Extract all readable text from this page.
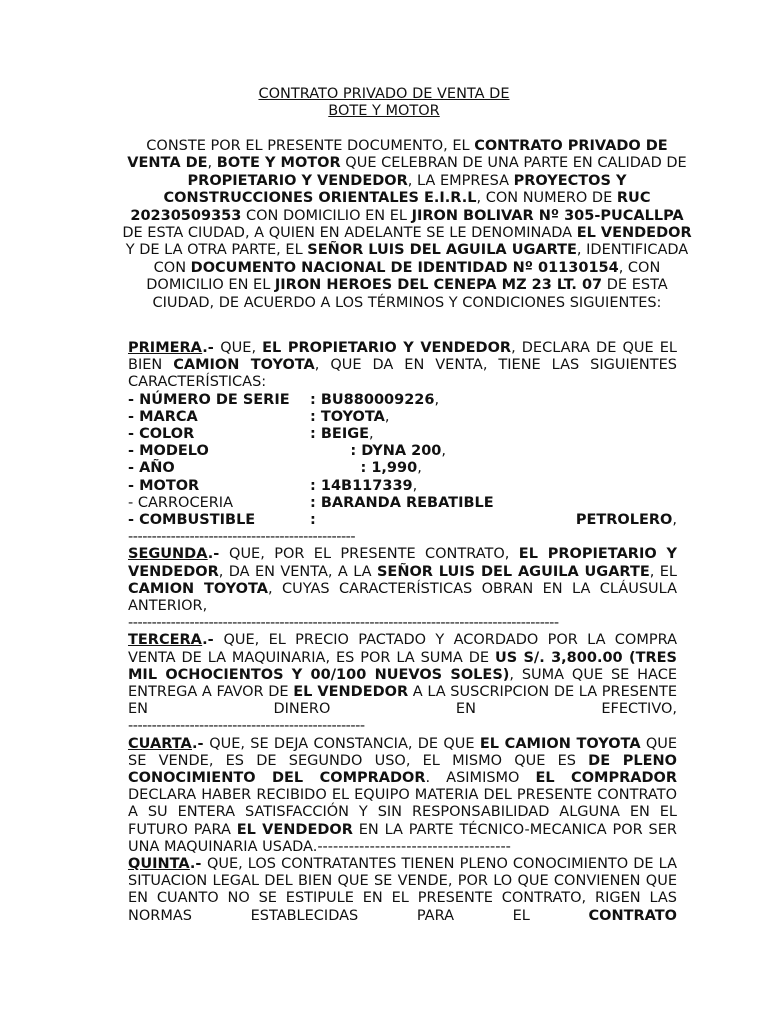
CONTRATO PRIVADO DE VENTA DE
BOTE Y MOTOR
CONSTE POR EL PRESENTE DOCUMENTO, EL CONTRATO PRIVADO DE VENTA DE, BOTE Y MOTOR QUE CELEBRAN DE UNA PARTE EN CALIDAD DE PROPIETARIO Y VENDEDOR, LA EMPRESA PROYECTOS Y CONSTRUCCIONES ORIENTALES E.I.R.L, CON NUMERO DE RUC 20230509353 CON DOMICILIO EN EL JIRON BOLIVAR Nº 305-PUCALLPA DE ESTA CIUDAD, A QUIEN EN ADELANTE SE LE DENOMINADA EL VENDEDOR Y DE LA OTRA PARTE, EL SEÑOR LUIS DEL AGUILA UGARTE, IDENTIFICADA CON DOCUMENTO NACIONAL DE IDENTIDAD Nº 01130154, CON DOMICILIO EN EL JIRON HEROES DEL CENEPA MZ 23 LT. 07 DE ESTA CIUDAD, DE ACUERDO A LOS TÉRMINOS Y CONDICIONES SIGUIENTES:
PRIMERA.- QUE, EL PROPIETARIO Y VENDEDOR, DECLARA DE QUE EL BIEN CAMION TOYOTA, QUE DA EN VENTA, TIENE LAS SIGUIENTES CARACTERÍSTICAS:
- NÚMERO DE SERIE	: BU880009226,
- MARCA	: TOYOTA,
- COLOR	: BEIGE,
- MODELO	: DYNA 200,
- AÑO	: 1,990,
- MOTOR	: 14B117339,
- CARROCERIA	: BARANDA REBATIBLE
- COMBUSTIBLE	:	PETROLERO ,
------------------------------------------------
SEGUNDA.- QUE, POR EL PRESENTE CONTRATO, EL PROPIETARIO Y VENDEDOR, DA EN VENTA, A LA SEÑOR LUIS DEL AGUILA UGARTE, EL CAMION TOYOTA, CUYAS CARACTERÍSTICAS OBRAN EN LA CLÁUSULA ANTERIOR,
-------------------------------------------------------------------------------------------
TERCERA.- QUE, EL PRECIO PACTADO Y ACORDADO POR LA COMPRA VENTA DE LA MAQUINARIA, ES POR LA SUMA DE US S/. 3,800.00 (TRES MIL OCHOCIENTOS Y 00/100 NUEVOS SOLES), SUMA QUE SE HACE ENTREGA A FAVOR DE EL VENDEDOR A LA SUSCRIPCION DE LA PRESENTE EN DINERO EN EFECTIVO,
--------------------------------------------------
CUARTA.- QUE, SE DEJA CONSTANCIA, DE QUE EL CAMION TOYOTA QUE SE VENDE, ES DE SEGUNDO USO, EL MISMO QUE ES DE PLENO CONOCIMIENTO DEL COMPRADOR. ASIMISMO EL COMPRADOR DECLARA HABER RECIBIDO EL EQUIPO MATERIA DEL PRESENTE CONTRATO A SU ENTERA SATISFACCIÓN Y SIN RESPONSABILIDAD ALGUNA EN EL FUTURO PARA EL VENDEDOR EN LA PARTE TÉCNICO-MECANICA POR SER UNA MAQUINARIA USADA.-------------------------------------
QUINTA.- QUE, LOS CONTRATANTES TIENEN PLENO CONOCIMIENTO DE LA SITUACION LEGAL DEL BIEN QUE SE VENDE, POR LO QUE CONVIENEN QUE EN CUANTO NO SE ESTIPULE EN EL PRESENTE CONTRATO, RIGEN LAS NORMAS ESTABLECIDAS PARA EL CONTRATO
